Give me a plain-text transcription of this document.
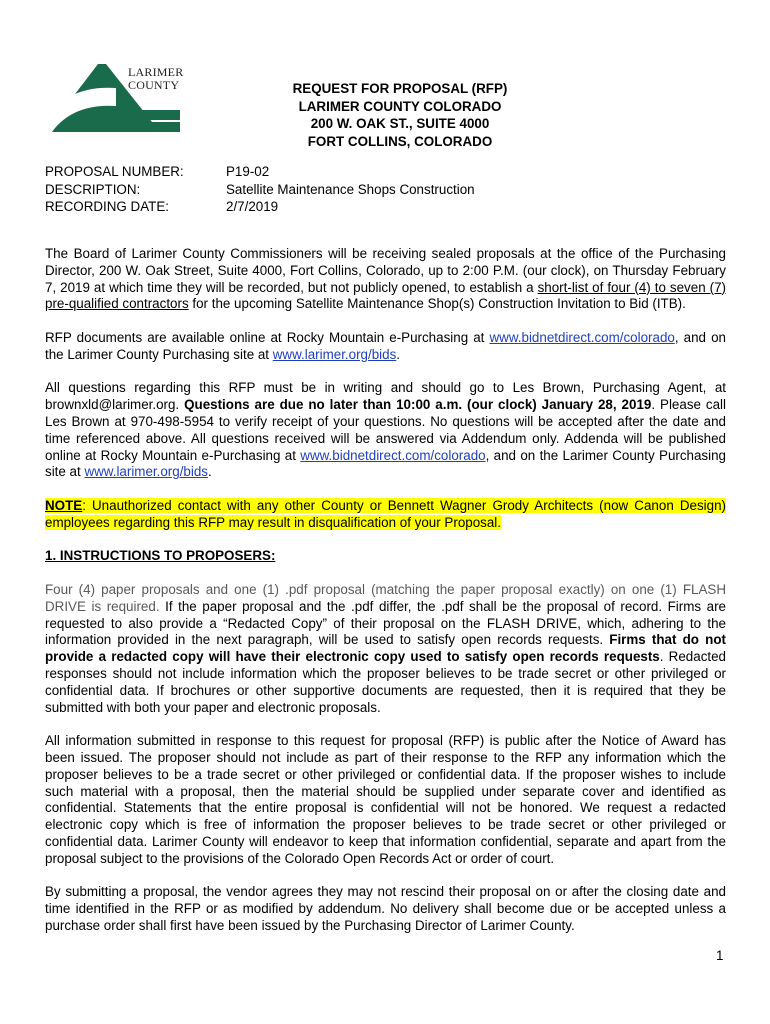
LARIMER
COUNTY	REQUEST FOR PROPOSAL (RFP)
LARIMER COUNTY COLORADO
200 W. OAK ST., SUITE 4000
FORT COLLINS, COLORADO
PROPOSAL NUMBER:	P19-02
DESCRIPTION:	Satellite Maintenance Shops Construction
RECORDING DATE:	2/7/2019

The Board of Larimer County Commissioners will be receiving sealed proposals at the office of the Purchasing Director, 200 W. Oak Street, Suite 4000, Fort Collins, Colorado, up to 2:00 P.M. (our clock), on Thursday February 7, 2019 at which time they will be recorded, but not publicly opened, to establish a short-list of four (4) to seven (7) pre-qualified contractors for the upcoming Satellite Maintenance Shop(s) Construction Invitation to Bid (ITB).

RFP documents are available online at Rocky Mountain e-Purchasing at www.bidnetdirect.com/colorado, and on the Larimer County Purchasing site at www.larimer.org/bids.

All questions regarding this RFP must be in writing and should go to Les Brown, Purchasing Agent, at brownxld@larimer.org. Questions are due no later than 10:00 a.m. (our clock) January 28, 2019. Please call Les Brown at 970-498-5954 to verify receipt of your questions. No questions will be accepted after the date and time referenced above. All questions received will be answered via Addendum only. Addenda will be published online at Rocky Mountain e-Purchasing at www.bidnetdirect.com/colorado, and on the Larimer County Purchasing site at www.larimer.org/bids.

NOTE: Unauthorized contact with any other County or Bennett Wagner Grody Architects (now Canon Design) employees regarding this RFP may result in disqualification of your Proposal.

1. INSTRUCTIONS TO PROPOSERS:

Four (4) paper proposals and one (1) .pdf proposal (matching the paper proposal exactly) on one (1) FLASH DRIVE is required. If the paper proposal and the .pdf differ, the .pdf shall be the proposal of record. Firms are requested to also provide a “Redacted Copy” of their proposal on the FLASH DRIVE, which, adhering to the information provided in the next paragraph, will be used to satisfy open records requests. Firms that do not provide a redacted copy will have their electronic copy used to satisfy open records requests. Redacted responses should not include information which the proposer believes to be trade secret or other privileged or confidential data. If brochures or other supportive documents are requested, then it is required that they be submitted with both your paper and electronic proposals.

All information submitted in response to this request for proposal (RFP) is public after the Notice of Award has been issued. The proposer should not include as part of their response to the RFP any information which the proposer believes to be a trade secret or other privileged or confidential data. If the proposer wishes to include such material with a proposal, then the material should be supplied under separate cover and identified as confidential. Statements that the entire proposal is confidential will not be honored. We request a redacted electronic copy which is free of information the proposer believes to be trade secret or other privileged or confidential data. Larimer County will endeavor to keep that information confidential, separate and apart from the proposal subject to the provisions of the Colorado Open Records Act or order of court.

By submitting a proposal, the vendor agrees they may not rescind their proposal on or after the closing date and time identified in the RFP or as modified by addendum. No delivery shall become due or be accepted unless a purchase order shall first have been issued by the Purchasing Director of Larimer County.

1
